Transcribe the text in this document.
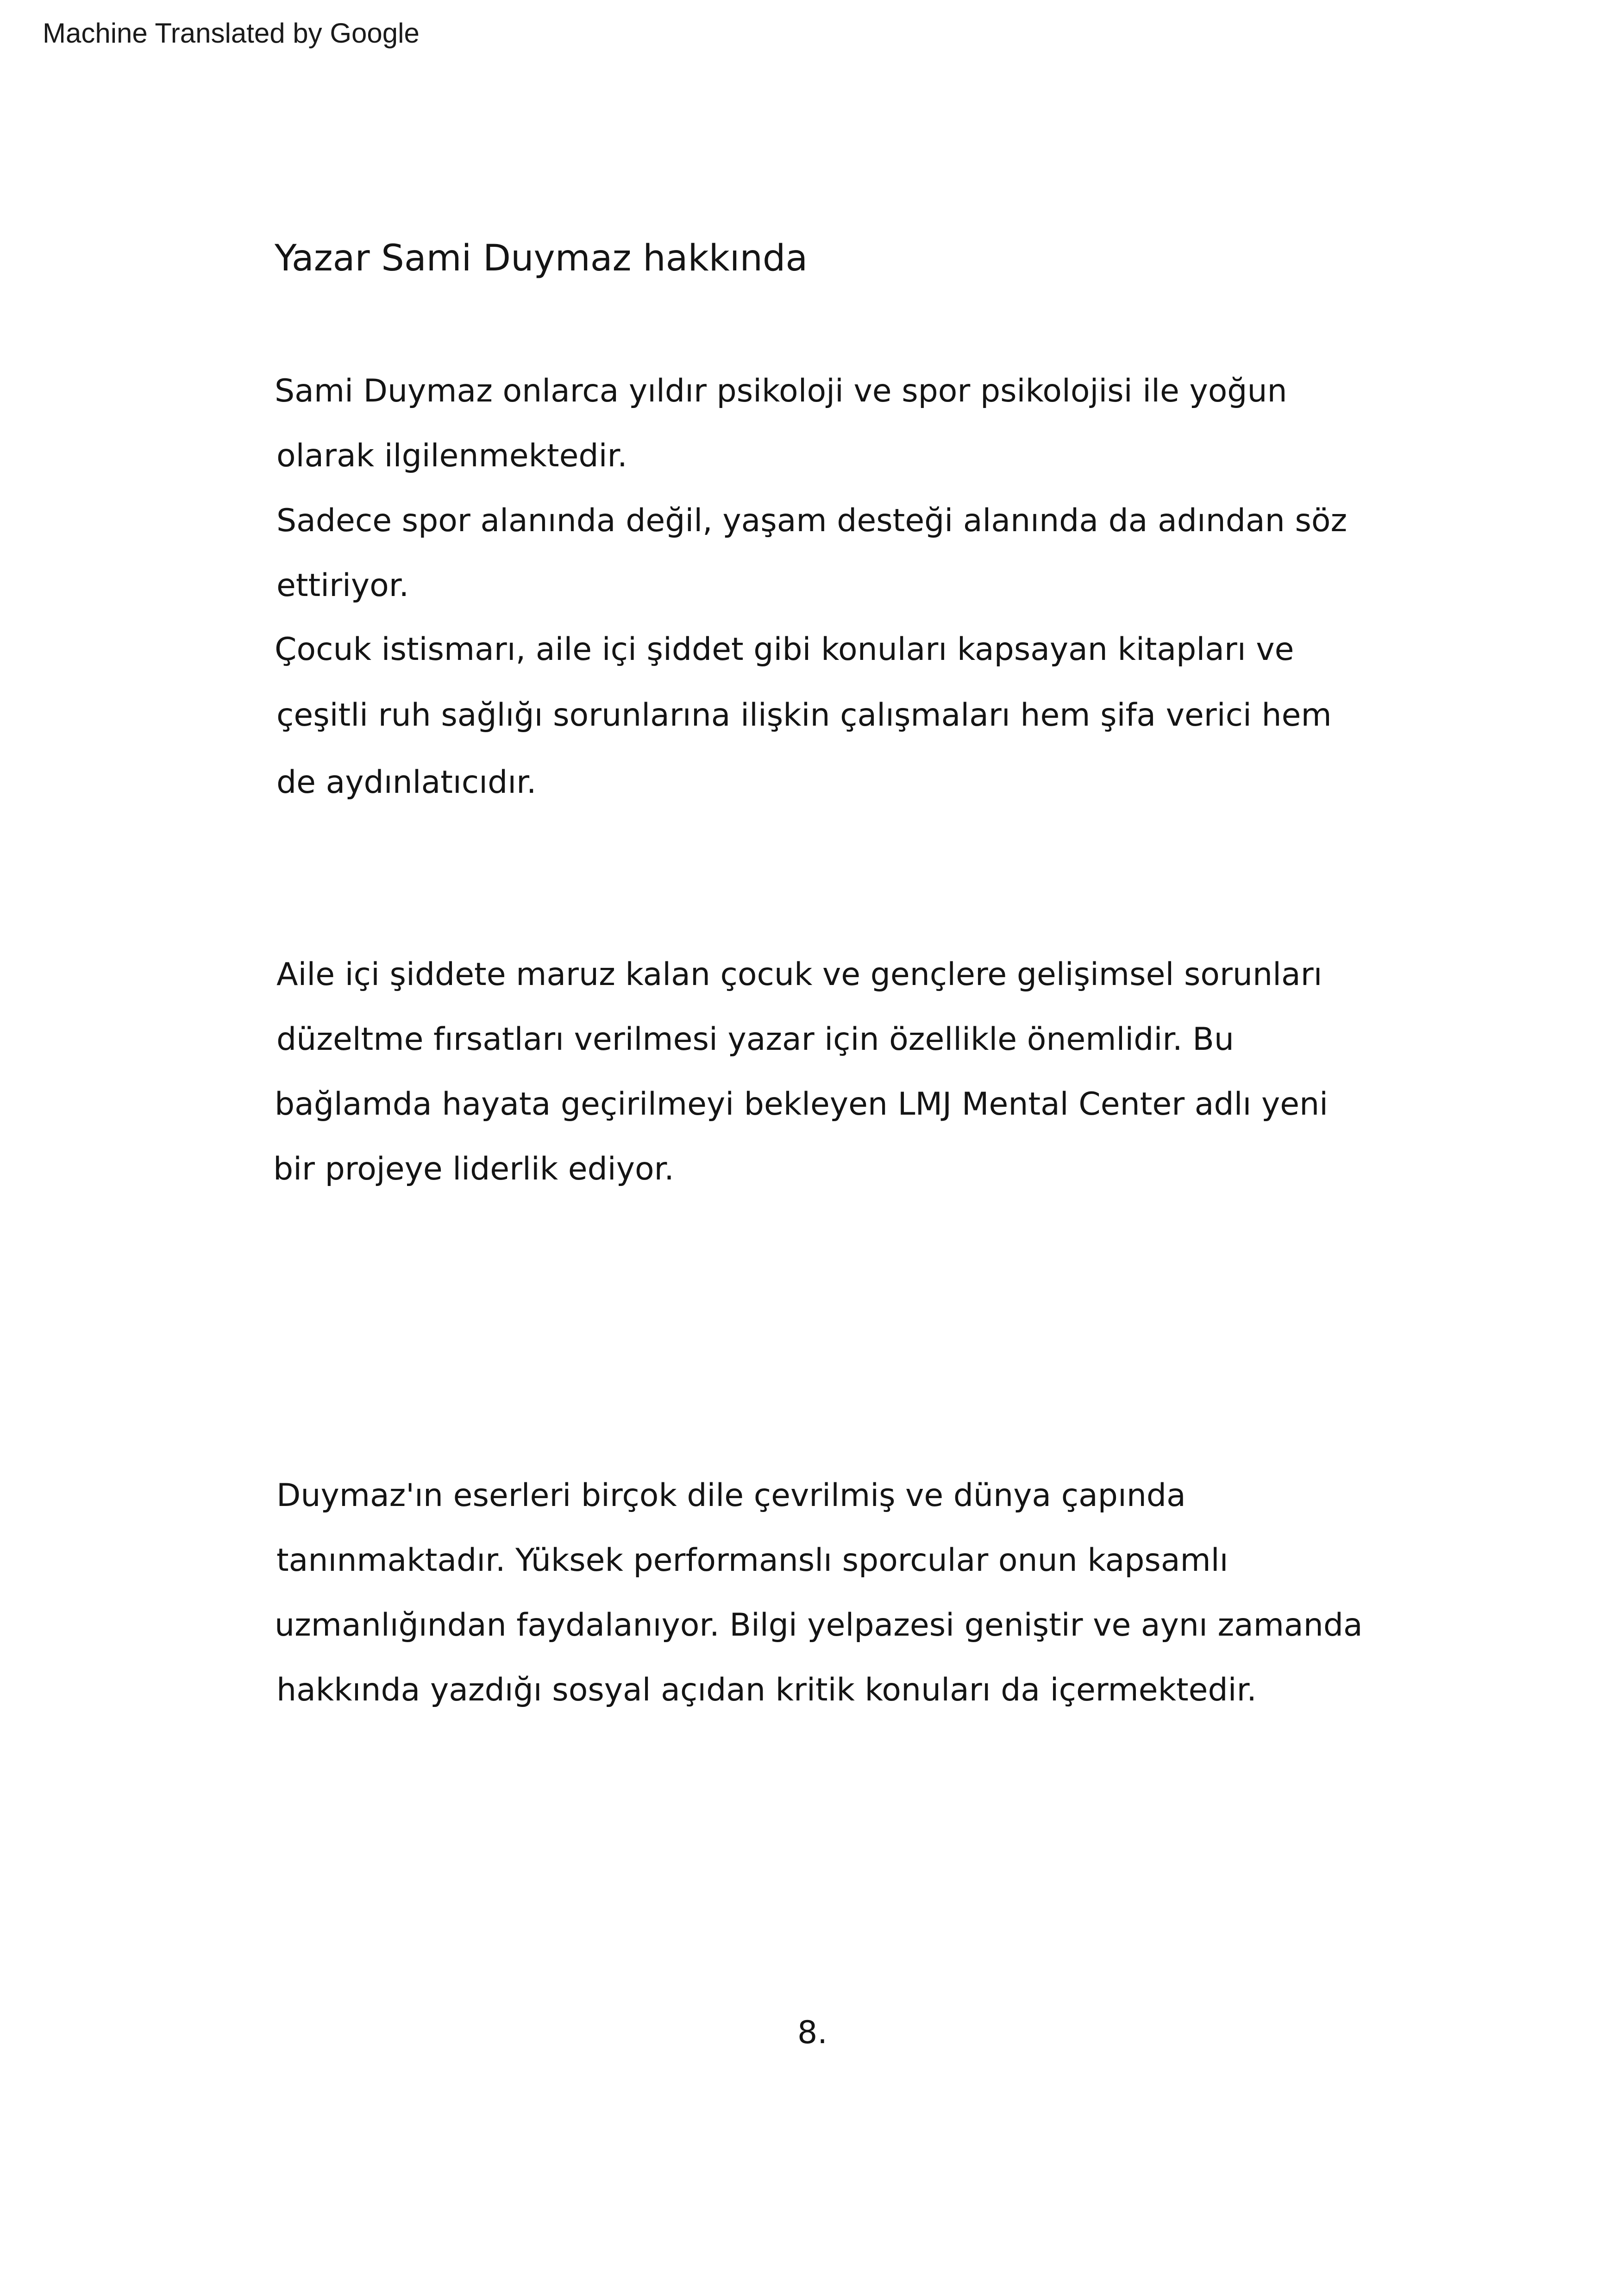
Machine Translated by Google
Yazar Sami Duymaz hakkında
Sami Duymaz onlarca yıldır psikoloji ve spor psikolojisi ile yoğun
olarak ilgilenmektedir.
Sadece spor alanında değil, yaşam desteği alanında da adından söz
ettiriyor.
Çocuk istismarı, aile içi şiddet gibi konuları kapsayan kitapları ve
çeşitli ruh sağlığı sorunlarına ilişkin çalışmaları hem şifa verici hem
de aydınlatıcıdır.
Aile içi şiddete maruz kalan çocuk ve gençlere gelişimsel sorunları
düzeltme fırsatları verilmesi yazar için özellikle önemlidir. Bu
bağlamda hayata geçirilmeyi bekleyen LMJ Mental Center adlı yeni
bir projeye liderlik ediyor.
Duymaz'ın eserleri birçok dile çevrilmiş ve dünya çapında
tanınmaktadır. Yüksek performanslı sporcular onun kapsamlı
uzmanlığından faydalanıyor. Bilgi yelpazesi geniştir ve aynı zamanda
hakkında yazdığı sosyal açıdan kritik konuları da içermektedir.
8.
